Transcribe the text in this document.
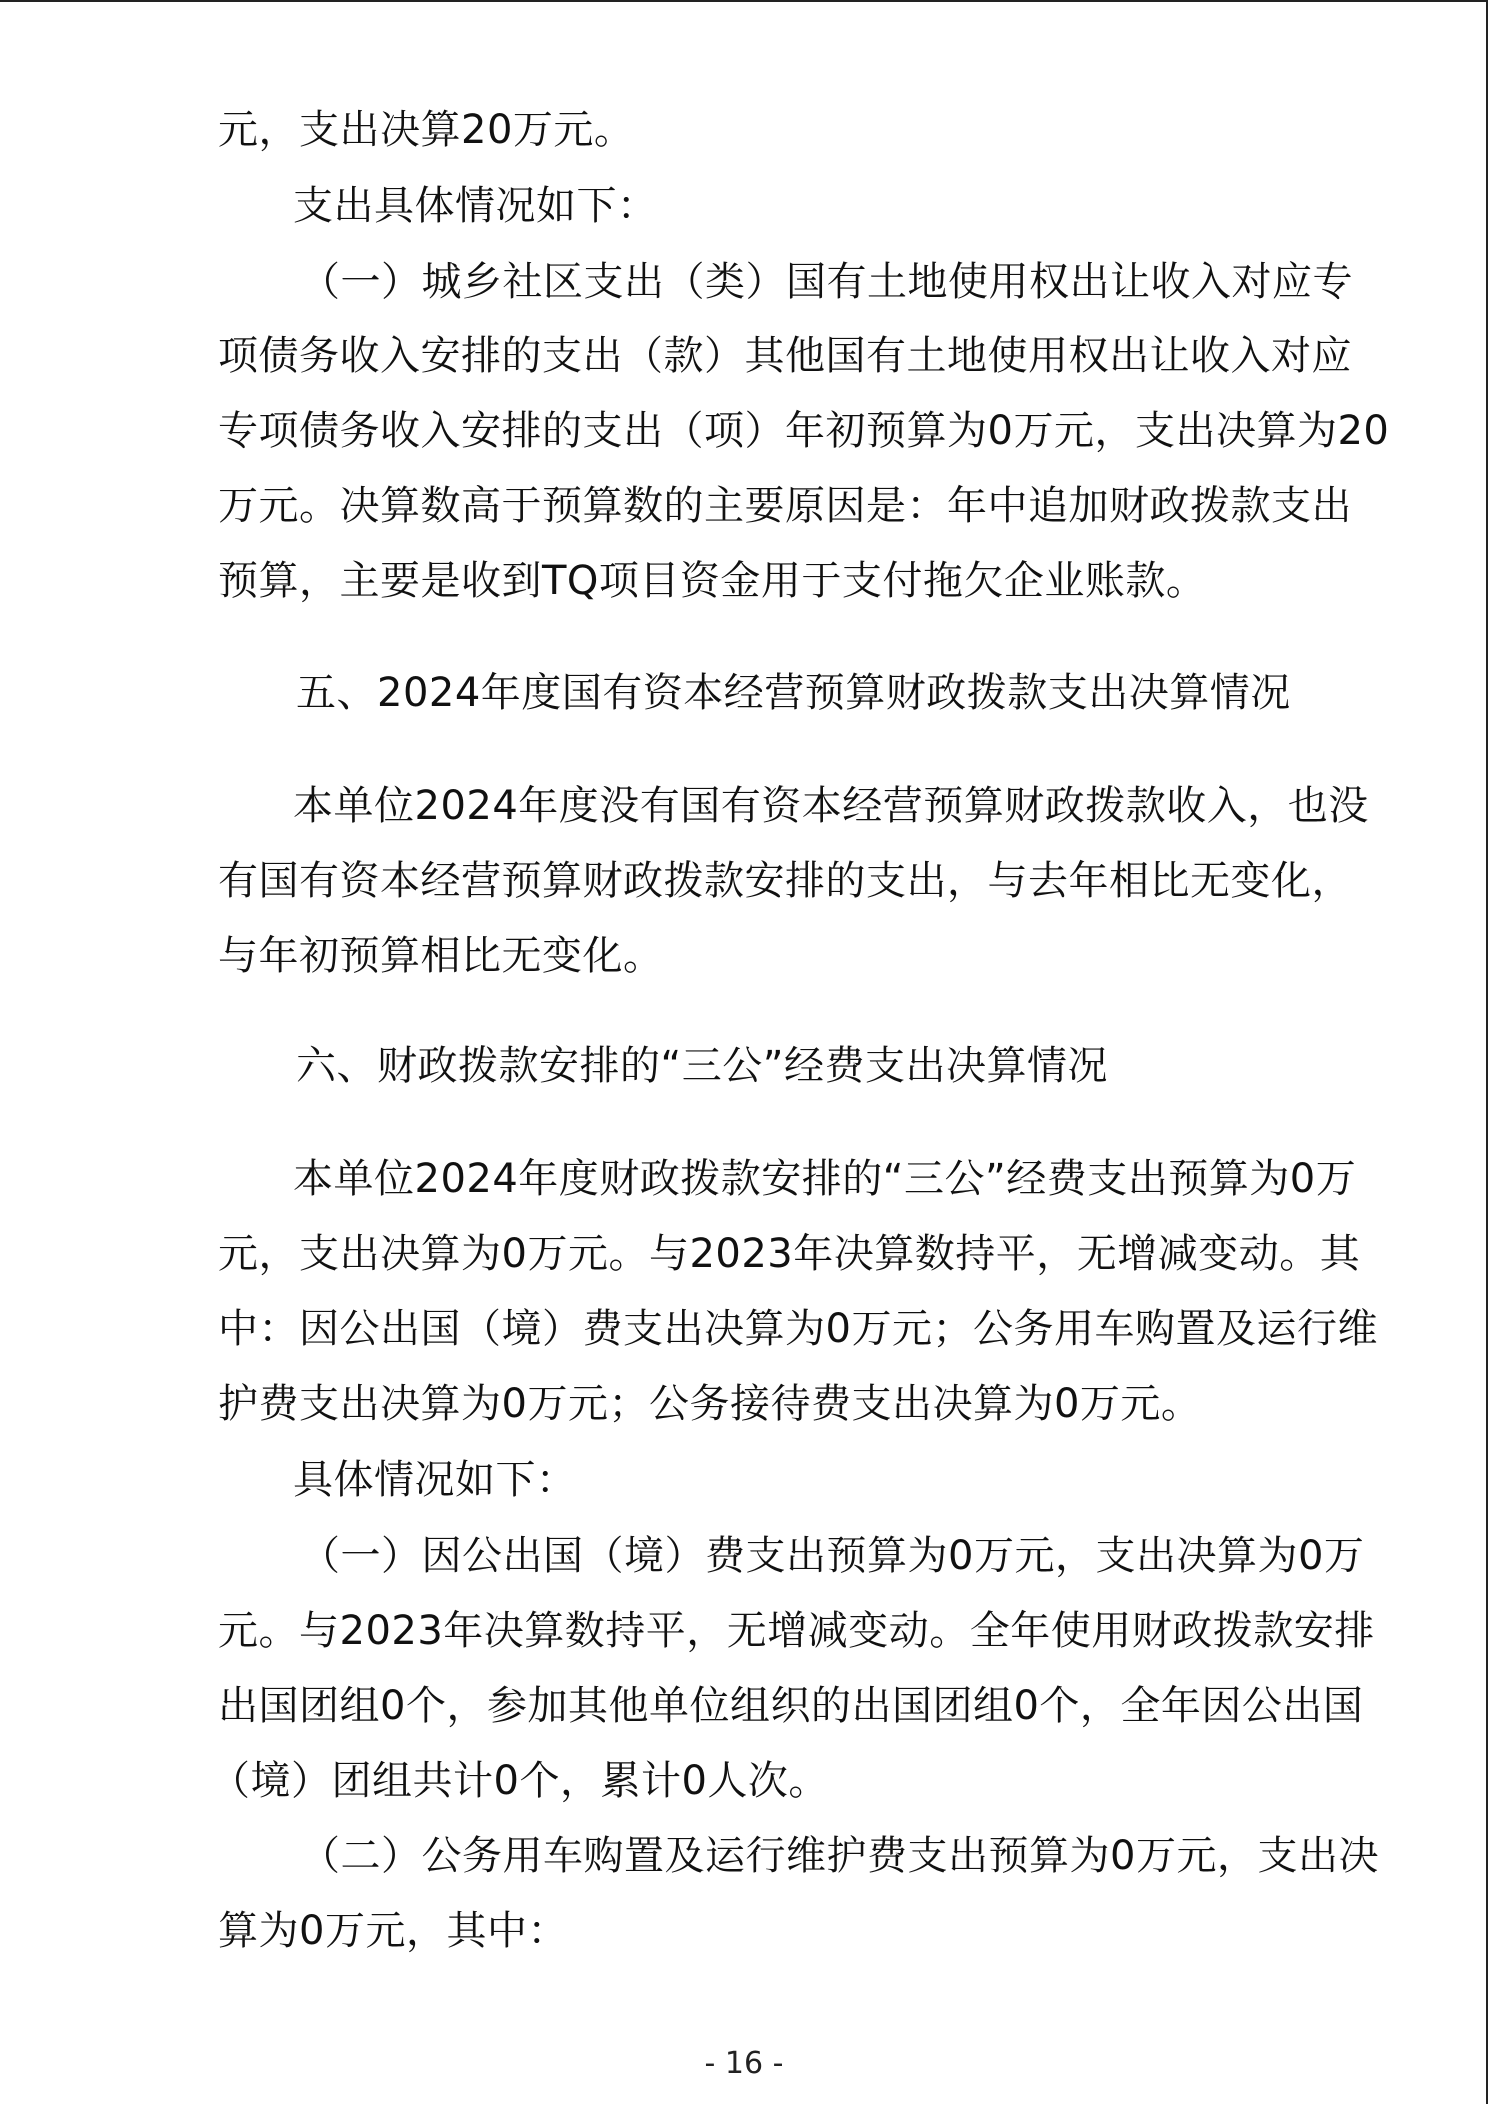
元，支出决算20万元。
支出具体情况如下：
（一）城乡社区支出（类）国有土地使用权出让收入对应专
项债务收入安排的支出（款）其他国有土地使用权出让收入对应
专项债务收入安排的支出（项）年初预算为0万元，支出决算为20
万元。决算数高于预算数的主要原因是：年中追加财政拨款支出
预算，主要是收到TQ项目资金用于支付拖欠企业账款。
五、2024年度国有资本经营预算财政拨款支出决算情况
本单位2024年度没有国有资本经营预算财政拨款收入，也没
有国有资本经营预算财政拨款安排的支出，与去年相比无变化，
与年初预算相比无变化。
六、财政拨款安排的“三公”经费支出决算情况
本单位2024年度财政拨款安排的“三公”经费支出预算为0万
元，支出决算为0万元。与2023年决算数持平，无增减变动。其
中：因公出国（境）费支出决算为0万元；公务用车购置及运行维
护费支出决算为0万元；公务接待费支出决算为0万元。
具体情况如下：
（一）因公出国（境）费支出预算为0万元，支出决算为0万
元。与2023年决算数持平，无增减变动。全年使用财政拨款安排
出国团组0个，参加其他单位组织的出国团组0个，全年因公出国
（境）团组共计0个，累计0人次。
（二）公务用车购置及运行维护费支出预算为0万元，支出决
算为0万元，其中：
- 16 -
